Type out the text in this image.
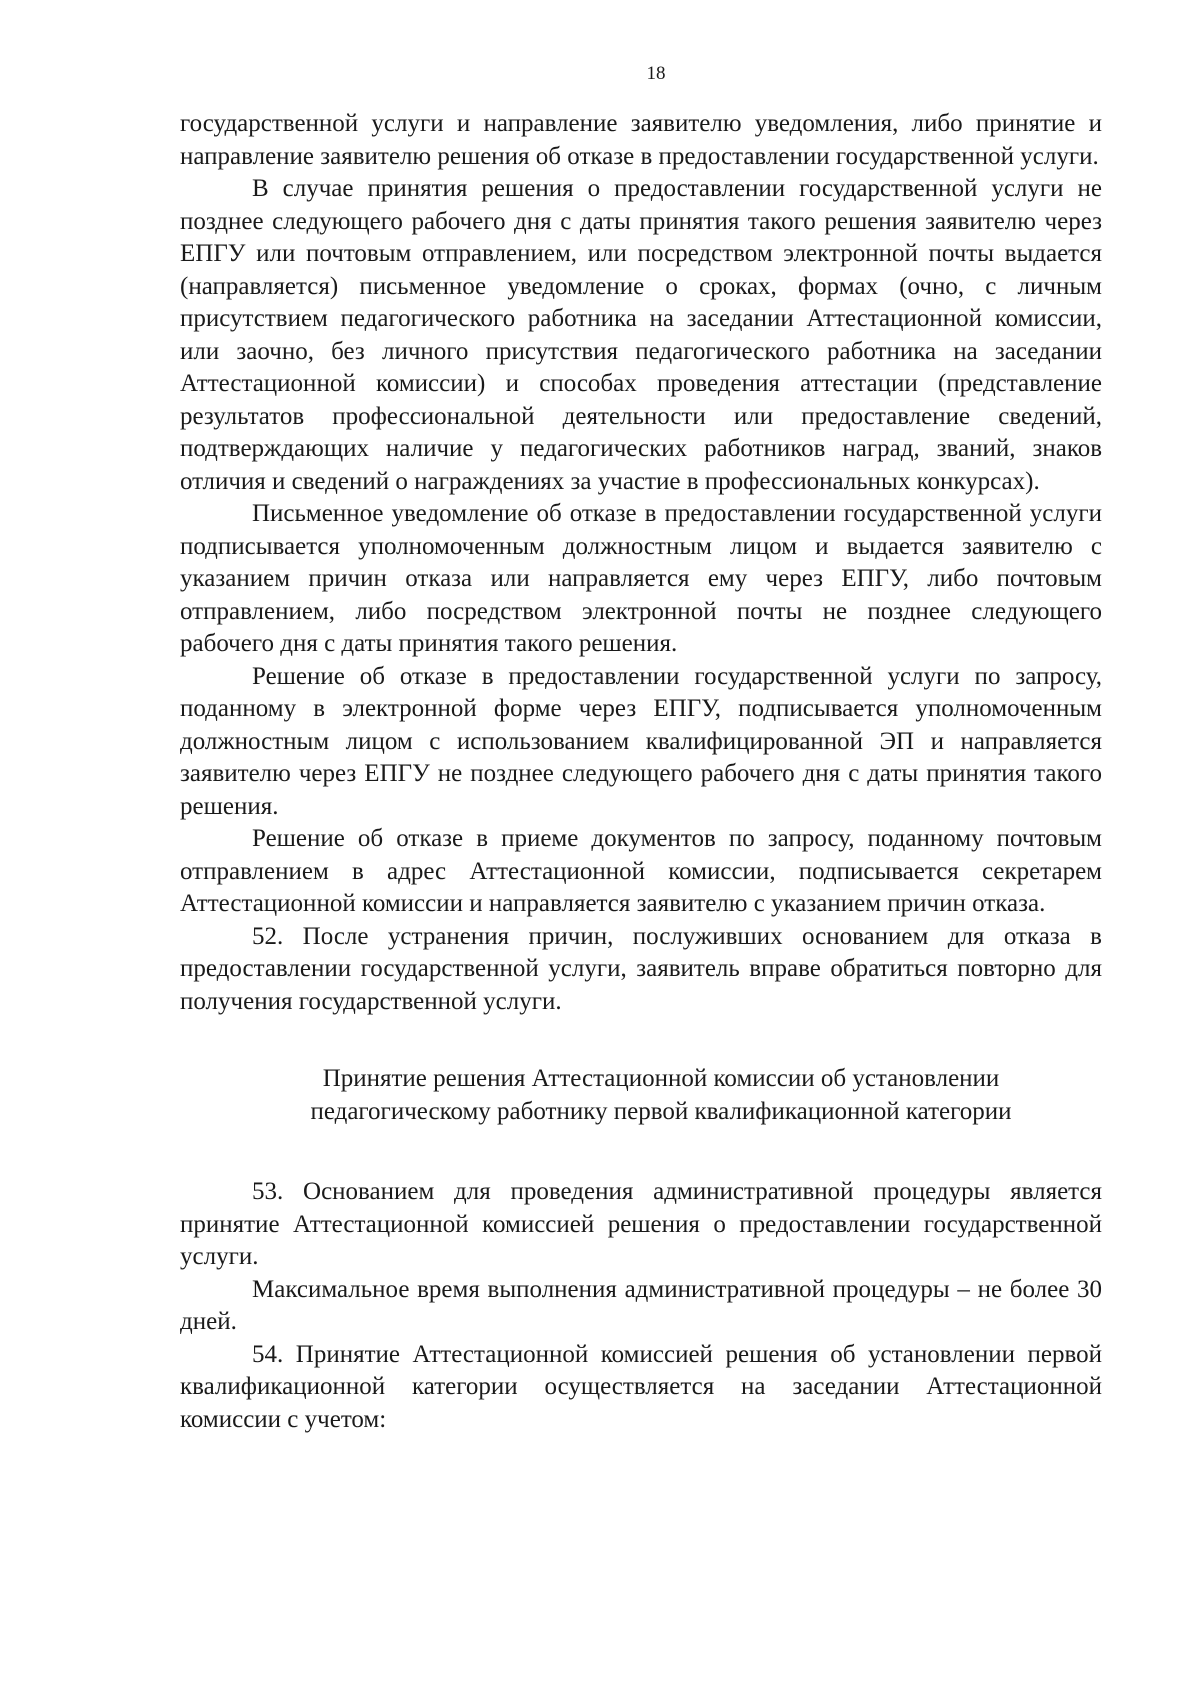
18

государственной услуги и направление заявителю уведомления, либо принятие и направление заявителю решения об отказе в предоставлении государственной услуги.

В случае принятия решения о предоставлении государственной услуги не позднее следующего рабочего дня с даты принятия такого решения заявителю через ЕПГУ или почтовым отправлением, или посредством электронной почты выдается (направляется) письменное уведомление о сроках, формах (очно, с личным присутствием педагогического работника на заседании Аттестационной комиссии, или заочно, без личного присутствия педагогического работника на заседании Аттестационной комиссии) и способах проведения аттестации (представление результатов профессиональной деятельности или предоставление сведений, подтверждающих наличие у педагогических работников наград, званий, знаков отличия и сведений о награждениях за участие в профессиональных конкурсах).

Письменное уведомление об отказе в предоставлении государственной услуги подписывается уполномоченным должностным лицом и выдается заявителю с указанием причин отказа или направляется ему через ЕПГУ, либо почтовым отправлением, либо посредством электронной почты не позднее следующего рабочего дня с даты принятия такого решения.

Решение об отказе в предоставлении государственной услуги по запросу, поданному в электронной форме через ЕПГУ, подписывается уполномоченным должностным лицом с использованием квалифицированной ЭП и направляется заявителю через ЕПГУ не позднее следующего рабочего дня с даты принятия такого решения.

Решение об отказе в приеме документов по запросу, поданному почтовым отправлением в адрес Аттестационной комиссии, подписывается секретарем Аттестационной комиссии и направляется заявителю с указанием причин отказа.

52. После устранения причин, послуживших основанием для отказа в предоставлении государственной услуги, заявитель вправе обратиться повторно для получения государственной услуги.

Принятие решения Аттестационной комиссии об установлении
педагогическому работнику первой квалификационной категории

53. Основанием для проведения административной процедуры является принятие Аттестационной комиссией решения о предоставлении государственной услуги.

Максимальное время выполнения административной процедуры – не более 30 дней.

54. Принятие Аттестационной комиссией решения об установлении первой квалификационной категории осуществляется на заседании Аттестационной комиссии с учетом:
